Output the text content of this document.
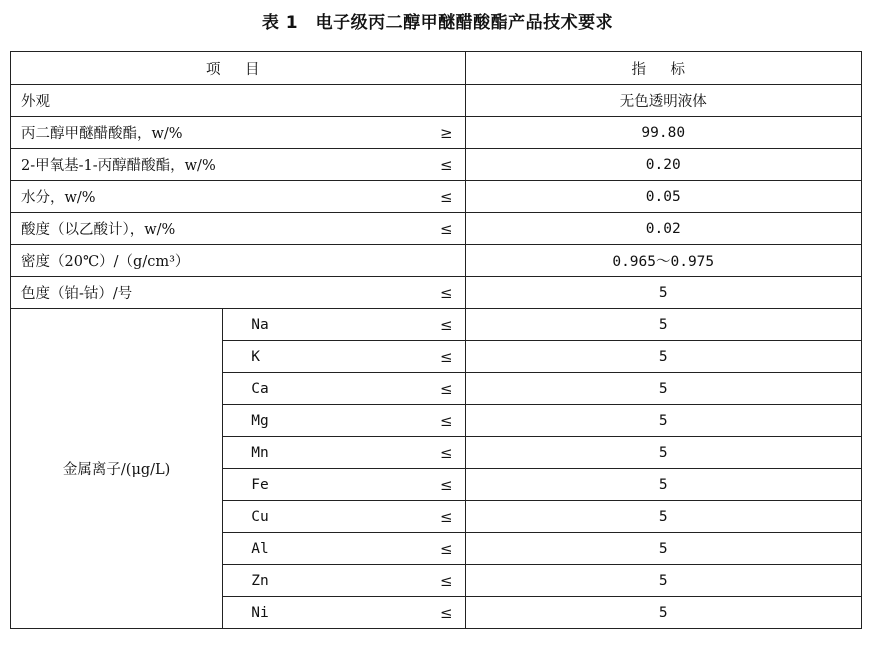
表 1　电子级丙二醇甲醚醋酸酯产品技术要求
项 目		指 标
外观		无色透明液体
丙二醇甲醚醋酸酯，w/% ≥		99.80
2-甲氧基-1-丙醇醋酸酯，w/% ≤		0.20
水分，w/% ≤		0.05
酸度（以乙酸计），w/% ≤		0.02
密度（20℃）/（g/cm³）		0.965～0.975
色度（铂-钴）/号 ≤		5
金属离子/(μg/L)	Na ≤	5
	K ≤	5
	Ca ≤	5
	Mg ≤	5
	Mn ≤	5
	Fe ≤	5
	Cu ≤	5
	Al ≤	5
	Zn ≤	5
	Ni ≤	5
